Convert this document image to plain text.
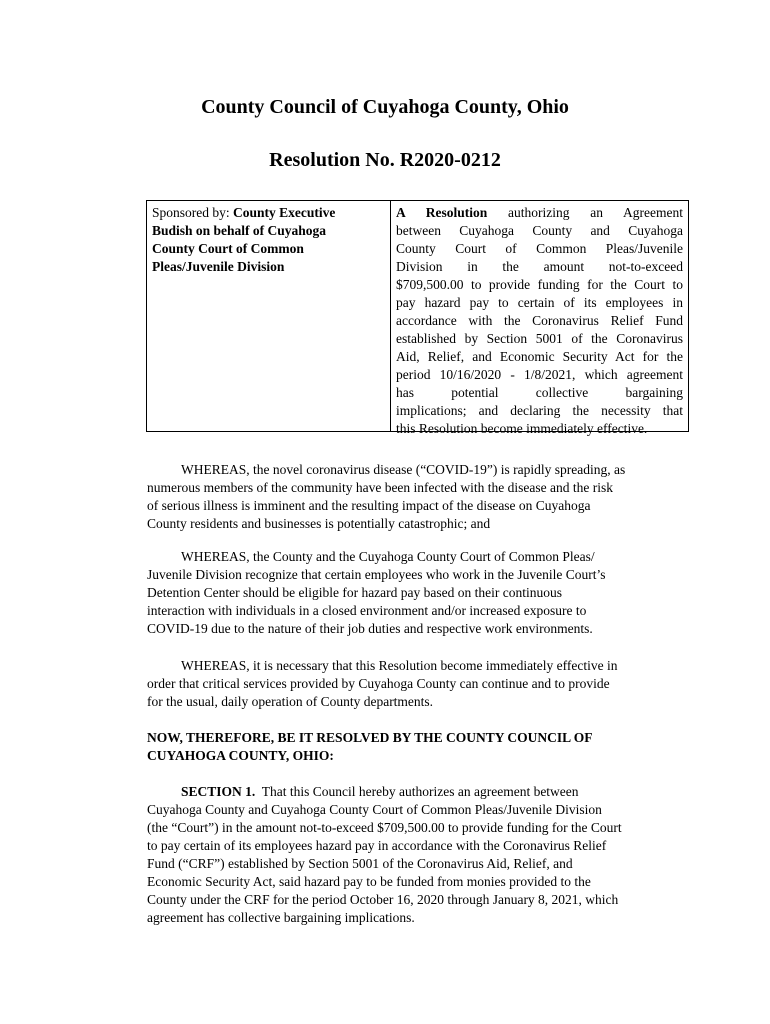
County Council of Cuyahoga County, Ohio
Resolution No. R2020-0212
Sponsored by: County Executive
Budish on behalf of Cuyahoga
County Court of Common
Pleas/Juvenile Division
A Resolution authorizing an Agreement
between Cuyahoga County and Cuyahoga
County Court of Common Pleas/Juvenile
Division in the amount not-to-exceed
$709,500.00 to provide funding for the Court to
pay hazard pay to certain of its employees in
accordance with the Coronavirus Relief Fund
established by Section 5001 of the Coronavirus
Aid, Relief, and Economic Security Act for the
period 10/16/2020 - 1/8/2021, which agreement
has potential collective bargaining
implications; and declaring the necessity that
this Resolution become immediately effective.
WHEREAS, the novel coronavirus disease (“COVID-19”) is rapidly spreading, as
numerous members of the community have been infected with the disease and the risk
of serious illness is imminent and the resulting impact of the disease on Cuyahoga
County residents and businesses is potentially catastrophic; and
WHEREAS, the County and the Cuyahoga County Court of Common Pleas/
Juvenile Division recognize that certain employees who work in the Juvenile Court’s
Detention Center should be eligible for hazard pay based on their continuous
interaction with individuals in a closed environment and/or increased exposure to
COVID-19 due to the nature of their job duties and respective work environments.
WHEREAS, it is necessary that this Resolution become immediately effective in
order that critical services provided by Cuyahoga County can continue and to provide
for the usual, daily operation of County departments.
NOW, THEREFORE, BE IT RESOLVED BY THE COUNTY COUNCIL OF
CUYAHOGA COUNTY, OHIO:
SECTION 1.  That this Council hereby authorizes an agreement between
Cuyahoga County and Cuyahoga County Court of Common Pleas/Juvenile Division
(the “Court”) in the amount not-to-exceed $709,500.00 to provide funding for the Court
to pay certain of its employees hazard pay in accordance with the Coronavirus Relief
Fund (“CRF”) established by Section 5001 of the Coronavirus Aid, Relief, and
Economic Security Act, said hazard pay to be funded from monies provided to the
County under the CRF for the period October 16, 2020 through January 8, 2021, which
agreement has collective bargaining implications.
